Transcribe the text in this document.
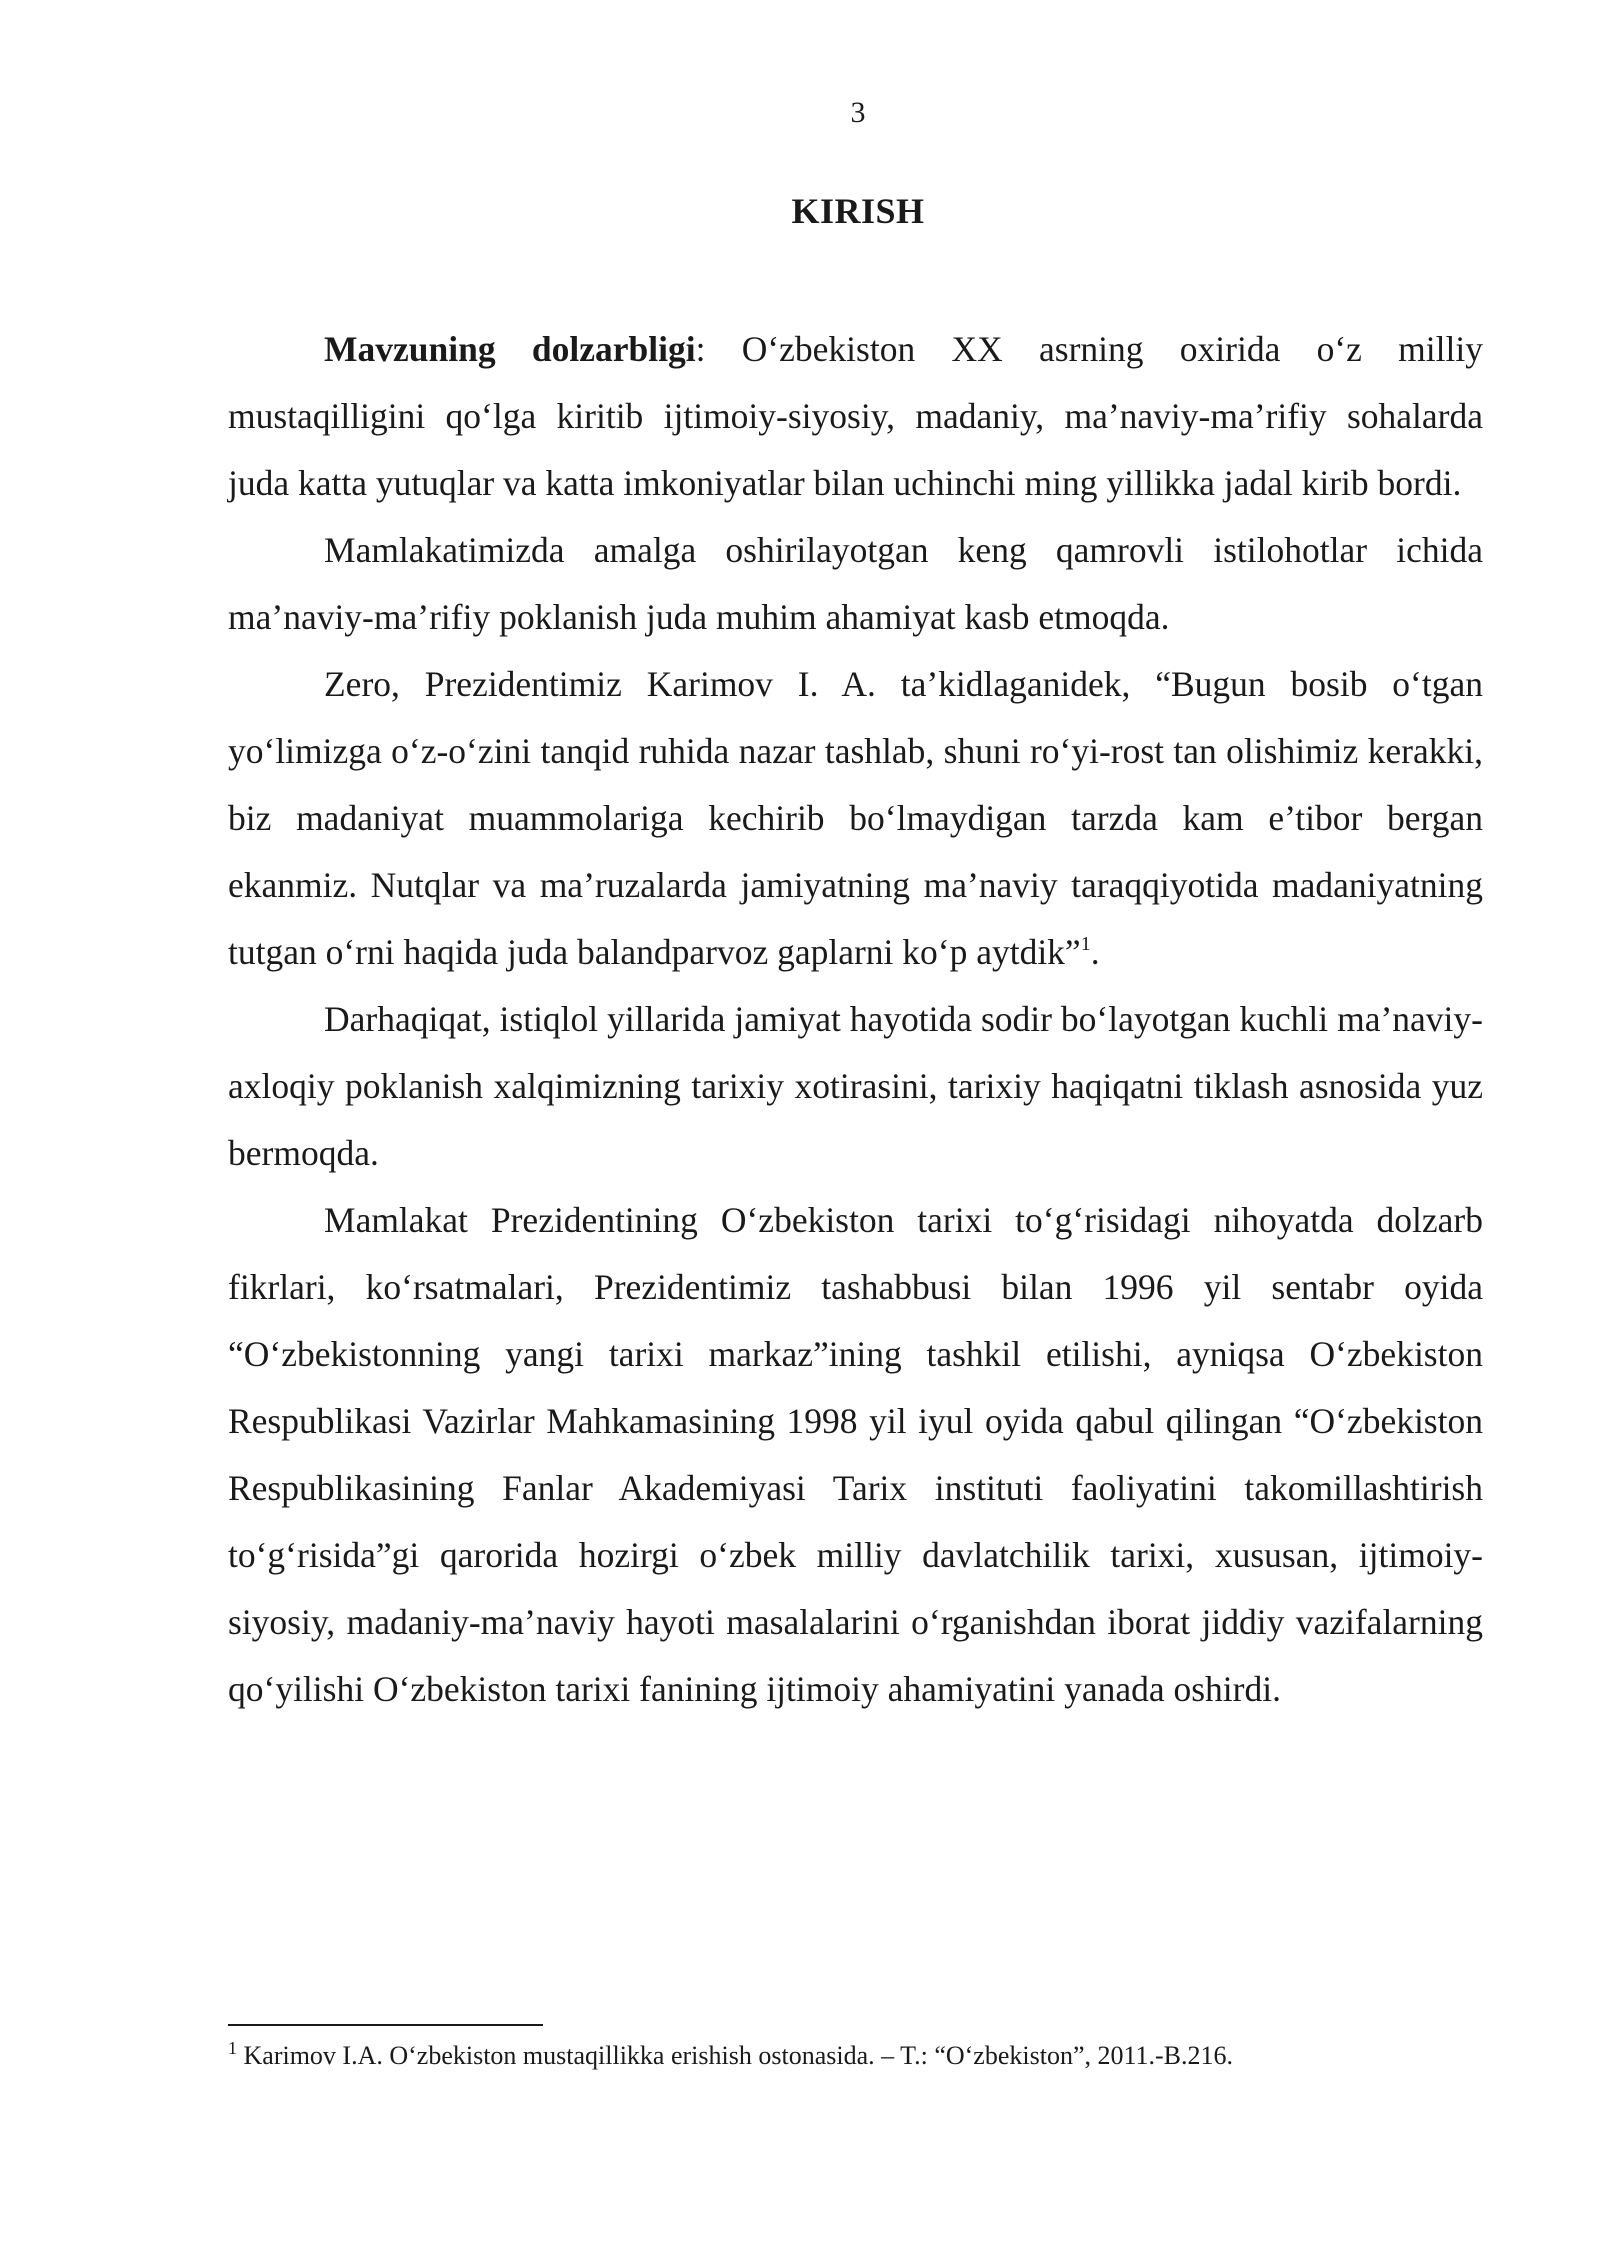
3
KIRISH

Mavzuning dolzarbligi: O‘zbekiston XX asrning oxirida o‘z milliy mustaqilligini qo‘lga kiritib ijtimoiy-siyosiy, madaniy, ma’naviy-ma’rifiy sohalarda juda katta yutuqlar va katta imkoniyatlar bilan uchinchi ming yillikka jadal kirib bordi.

Mamlakatimizda amalga oshirilayotgan keng qamrovli istilohotlar ichida ma’naviy-ma’rifiy poklanish juda muhim ahamiyat kasb etmoqda.

Zero, Prezidentimiz Karimov I. A. ta’kidlaganidek, “Bugun bosib o‘tgan yo‘limizga o‘z-o‘zini tanqid ruhida nazar tashlab, shuni ro‘yi-rost tan olishimiz kerakki, biz madaniyat muammolariga kechirib bo‘lmaydigan tarzda kam e’tibor bergan ekanmiz. Nutqlar va ma’ruzalarda jamiyatning ma’naviy taraqqiyotida madaniyatning tutgan o‘rni haqida juda balandparvoz gaplarni ko‘p aytdik”$^1$.

Darhaqiqat, istiqlol yillarida jamiyat hayotida sodir bo‘layotgan kuchli ma’naviy-axloqiy poklanish xalqimizning tarixiy xotirasini, tarixiy haqiqatni tiklash asnosida yuz bermoqda.

Mamlakat Prezidentining O‘zbekiston tarixi to‘g‘risidagi nihoyatda dolzarb fikrlari, ko‘rsatmalari, Prezidentimiz tashabbusi bilan 1996 yil sentabr oyida “O‘zbekistonning yangi tarixi markaz”ining tashkil etilishi, ayniqsa O‘zbekiston Respublikasi Vazirlar Mahkamasining 1998 yil iyul oyida qabul qilingan “O‘zbekiston Respublikasining Fanlar Akademiyasi Tarix instituti faoliyatini takomillashtirish to‘g‘risida”gi qarorida hozirgi o‘zbek milliy davlatchilik tarixi, xususan, ijtimoiy-siyosiy, madaniy-ma’naviy hayoti masalalarini o‘rganishdan iborat jiddiy vazifalarning qo‘yilishi O‘zbekiston tarixi fanining ijtimoiy ahamiyatini yanada oshirdi.

$^1$ Karimov I.A. O‘zbekiston mustaqillikka erishish ostonasida. – T.: “O‘zbekiston”, 2011.-B.216.
